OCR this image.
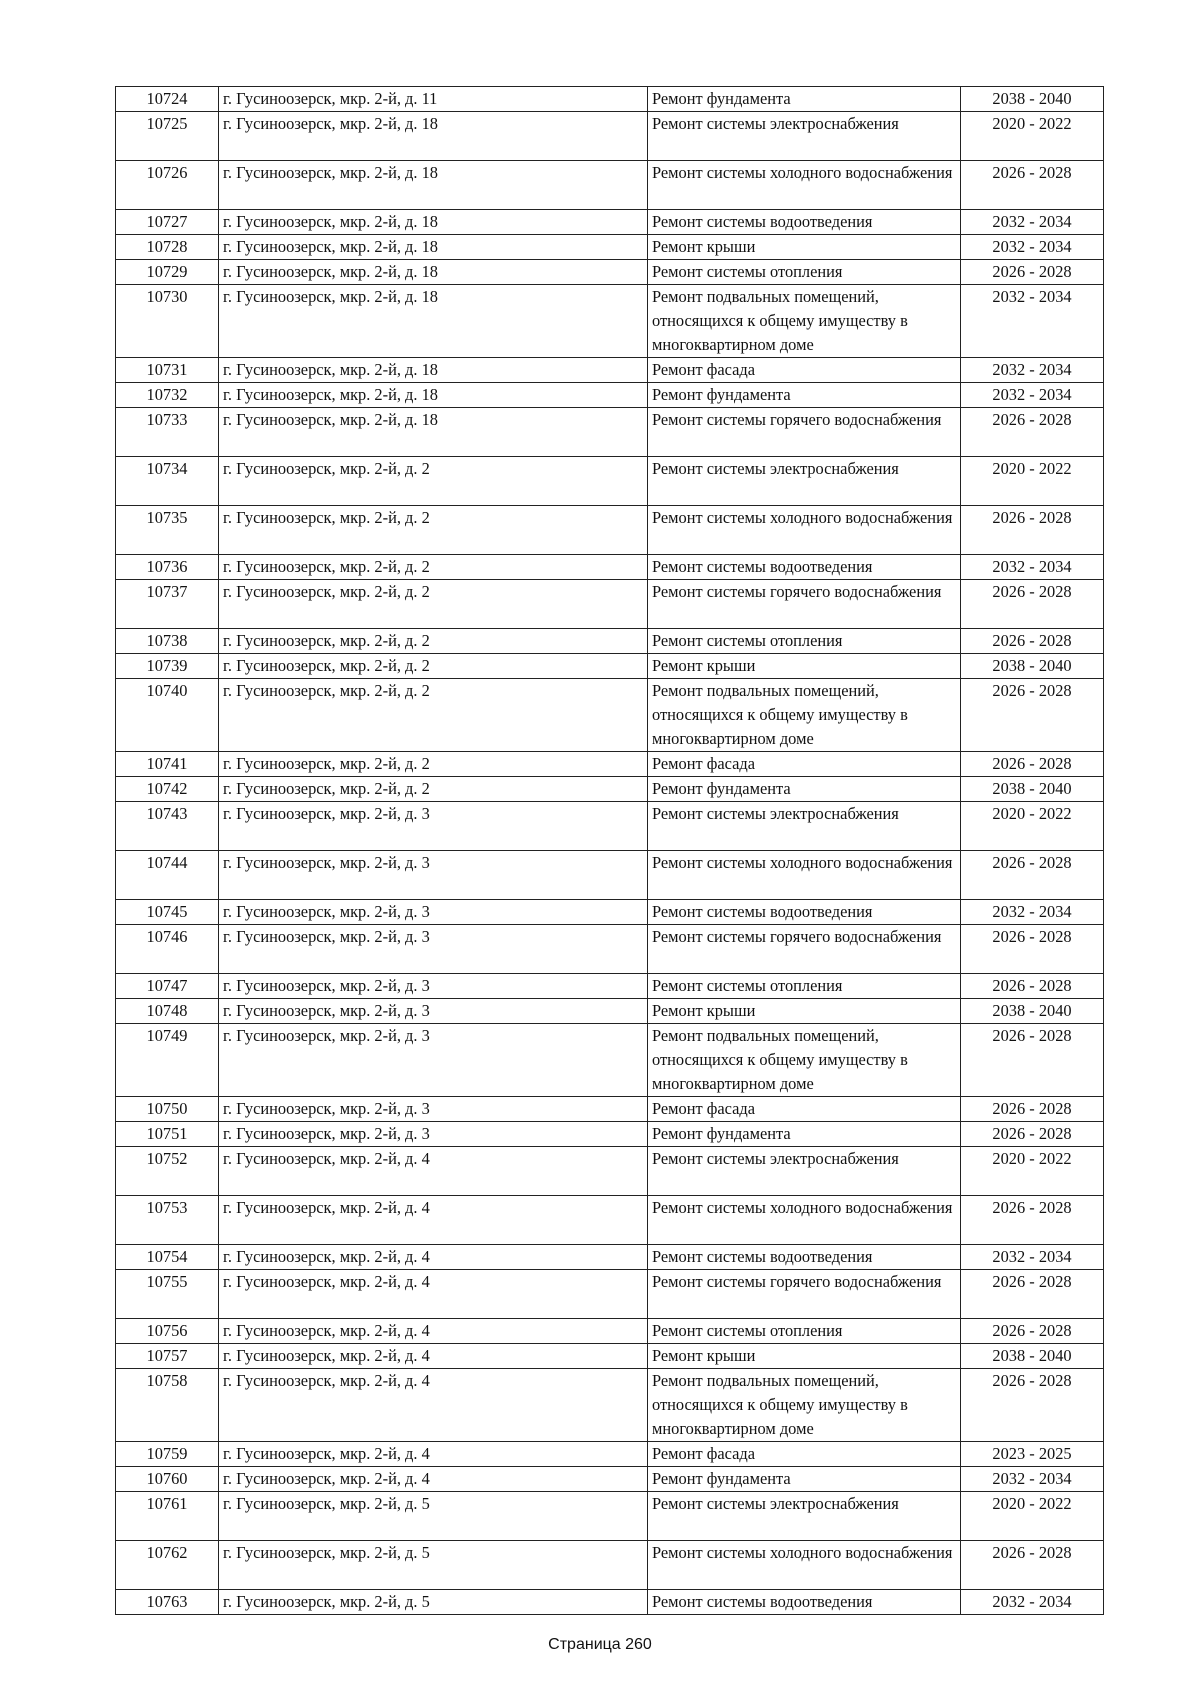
10724	г. Гусиноозерск, мкр. 2-й, д. 11	Ремонт фундамента	2038 - 2040
10725	г. Гусиноозерск, мкр. 2-й, д. 18	Ремонт системы электроснабжения	2020 - 2022
10726	г. Гусиноозерск, мкр. 2-й, д. 18	Ремонт системы холодного водоснабжения	2026 - 2028
10727	г. Гусиноозерск, мкр. 2-й, д. 18	Ремонт системы водоотведения	2032 - 2034
10728	г. Гусиноозерск, мкр. 2-й, д. 18	Ремонт крыши	2032 - 2034
10729	г. Гусиноозерск, мкр. 2-й, д. 18	Ремонт системы отопления	2026 - 2028
10730	г. Гусиноозерск, мкр. 2-й, д. 18	Ремонт подвальных помещений, относящихся к общему имуществу в многоквартирном доме	2032 - 2034
10731	г. Гусиноозерск, мкр. 2-й, д. 18	Ремонт фасада	2032 - 2034
10732	г. Гусиноозерск, мкр. 2-й, д. 18	Ремонт фундамента	2032 - 2034
10733	г. Гусиноозерск, мкр. 2-й, д. 18	Ремонт системы горячего водоснабжения	2026 - 2028
10734	г. Гусиноозерск, мкр. 2-й, д. 2	Ремонт системы электроснабжения	2020 - 2022
10735	г. Гусиноозерск, мкр. 2-й, д. 2	Ремонт системы холодного водоснабжения	2026 - 2028
10736	г. Гусиноозерск, мкр. 2-й, д. 2	Ремонт системы водоотведения	2032 - 2034
10737	г. Гусиноозерск, мкр. 2-й, д. 2	Ремонт системы горячего водоснабжения	2026 - 2028
10738	г. Гусиноозерск, мкр. 2-й, д. 2	Ремонт системы отопления	2026 - 2028
10739	г. Гусиноозерск, мкр. 2-й, д. 2	Ремонт крыши	2038 - 2040
10740	г. Гусиноозерск, мкр. 2-й, д. 2	Ремонт подвальных помещений, относящихся к общему имуществу в многоквартирном доме	2026 - 2028
10741	г. Гусиноозерск, мкр. 2-й, д. 2	Ремонт фасада	2026 - 2028
10742	г. Гусиноозерск, мкр. 2-й, д. 2	Ремонт фундамента	2038 - 2040
10743	г. Гусиноозерск, мкр. 2-й, д. 3	Ремонт системы электроснабжения	2020 - 2022
10744	г. Гусиноозерск, мкр. 2-й, д. 3	Ремонт системы холодного водоснабжения	2026 - 2028
10745	г. Гусиноозерск, мкр. 2-й, д. 3	Ремонт системы водоотведения	2032 - 2034
10746	г. Гусиноозерск, мкр. 2-й, д. 3	Ремонт системы горячего водоснабжения	2026 - 2028
10747	г. Гусиноозерск, мкр. 2-й, д. 3	Ремонт системы отопления	2026 - 2028
10748	г. Гусиноозерск, мкр. 2-й, д. 3	Ремонт крыши	2038 - 2040
10749	г. Гусиноозерск, мкр. 2-й, д. 3	Ремонт подвальных помещений, относящихся к общему имуществу в многоквартирном доме	2026 - 2028
10750	г. Гусиноозерск, мкр. 2-й, д. 3	Ремонт фасада	2026 - 2028
10751	г. Гусиноозерск, мкр. 2-й, д. 3	Ремонт фундамента	2026 - 2028
10752	г. Гусиноозерск, мкр. 2-й, д. 4	Ремонт системы электроснабжения	2020 - 2022
10753	г. Гусиноозерск, мкр. 2-й, д. 4	Ремонт системы холодного водоснабжения	2026 - 2028
10754	г. Гусиноозерск, мкр. 2-й, д. 4	Ремонт системы водоотведения	2032 - 2034
10755	г. Гусиноозерск, мкр. 2-й, д. 4	Ремонт системы горячего водоснабжения	2026 - 2028
10756	г. Гусиноозерск, мкр. 2-й, д. 4	Ремонт системы отопления	2026 - 2028
10757	г. Гусиноозерск, мкр. 2-й, д. 4	Ремонт крыши	2038 - 2040
10758	г. Гусиноозерск, мкр. 2-й, д. 4	Ремонт подвальных помещений, относящихся к общему имуществу в многоквартирном доме	2026 - 2028
10759	г. Гусиноозерск, мкр. 2-й, д. 4	Ремонт фасада	2023 - 2025
10760	г. Гусиноозерск, мкр. 2-й, д. 4	Ремонт фундамента	2032 - 2034
10761	г. Гусиноозерск, мкр. 2-й, д. 5	Ремонт системы электроснабжения	2020 - 2022
10762	г. Гусиноозерск, мкр. 2-й, д. 5	Ремонт системы холодного водоснабжения	2026 - 2028
10763	г. Гусиноозерск, мкр. 2-й, д. 5	Ремонт системы водоотведения	2032 - 2034
Страница 260
